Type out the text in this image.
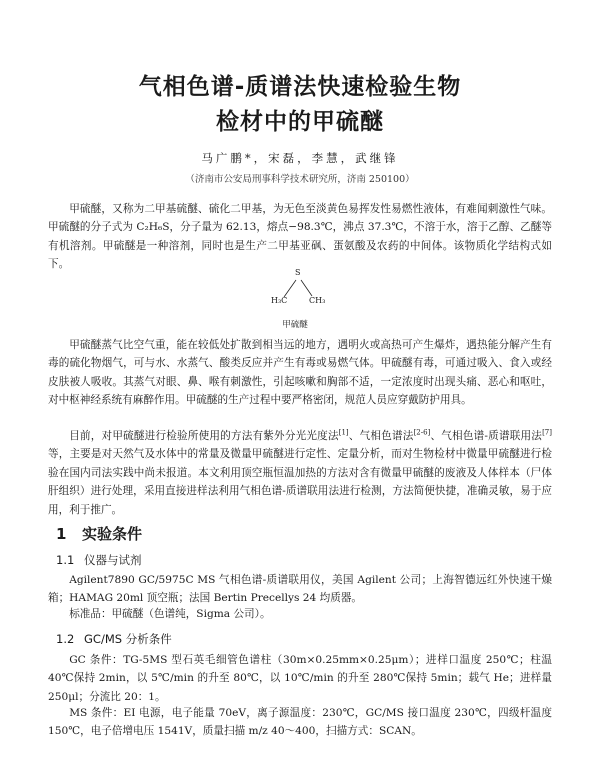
气相色谱-质谱法快速检验生物
检材中的甲硫醚
马广鹏*，宋磊，李慧，武继锋
（济南市公安局刑事科学技术研究所，济南 250100）

甲硫醚，又称为二甲基硫醚、硫化二甲基，为无色至淡黄色易挥发性易燃性液体，有难闻刺激性气味。甲硫醚的分子式为 C₂H₆S，分子量为 62.13，熔点−98.3℃，沸点 37.3℃，不溶于水，溶于乙醇、乙醚等有机溶剂。甲硫醚是一种溶剂，同时也是生产二甲基亚砜、蛋氨酸及农药的中间体。该物质化学结构式如下。

S
H₃C	CH₃
甲硫醚

甲硫醚蒸气比空气重，能在较低处扩散到相当远的地方，遇明火或高热可产生爆炸，遇热能分解产生有毒的硫化物烟气，可与水、水蒸气、酸类反应并产生有毒或易燃气体。甲硫醚有毒，可通过吸入、食入或经皮肤被人吸收。其蒸气对眼、鼻、喉有刺激性，引起咳嗽和胸部不适，一定浓度时出现头痛、恶心和呕吐，对中枢神经系统有麻醉作用。甲硫醚的生产过程中要严格密闭，规范人员应穿戴防护用具。

目前，对甲硫醚进行检验所使用的方法有紫外分光光度法[1]、气相色谱法[2-6]、气相色谱-质谱联用法[7]等，主要是对天然气及水体中的常量及微量甲硫醚进行定性、定量分析，而对生物检材中微量甲硫醚进行检验在国内司法实践中尚未报道。本文利用顶空瓶恒温加热的方法对含有微量甲硫醚的废液及人体样本（尸体肝组织）进行处理，采用直接进样法利用气相色谱-质谱联用法进行检测，方法简便快捷，准确灵敏，易于应用，利于推广。

1 实验条件
1.1 仪器与试剂

Agilent7890 GC/5975C MS 气相色谱-质谱联用仪，美国 Agilent 公司；上海智德远红外快速干燥箱；HAMAG 20ml 顶空瓶；法国 Bertin Precellys 24 均质器。

标准品：甲硫醚（色谱纯，Sigma 公司）。

1.2 GC/MS 分析条件

GC 条件：TG-5MS 型石英毛细管色谱柱（30m×0.25mm×0.25μm）；进样口温度 250℃；柱温 40℃保持 2min，以 5℃/min 的升至 80℃，以 10℃/min 的升至 280℃保持 5min；载气 He；进样量 250μl；分流比 20：1。

MS 条件：EI 电源，电子能量 70eV，离子源温度：230℃，GC/MS 接口温度 230℃，四级杆温度 150℃，电子倍增电压 1541V，质量扫描 m/z 40～400，扫描方式：SCAN。
